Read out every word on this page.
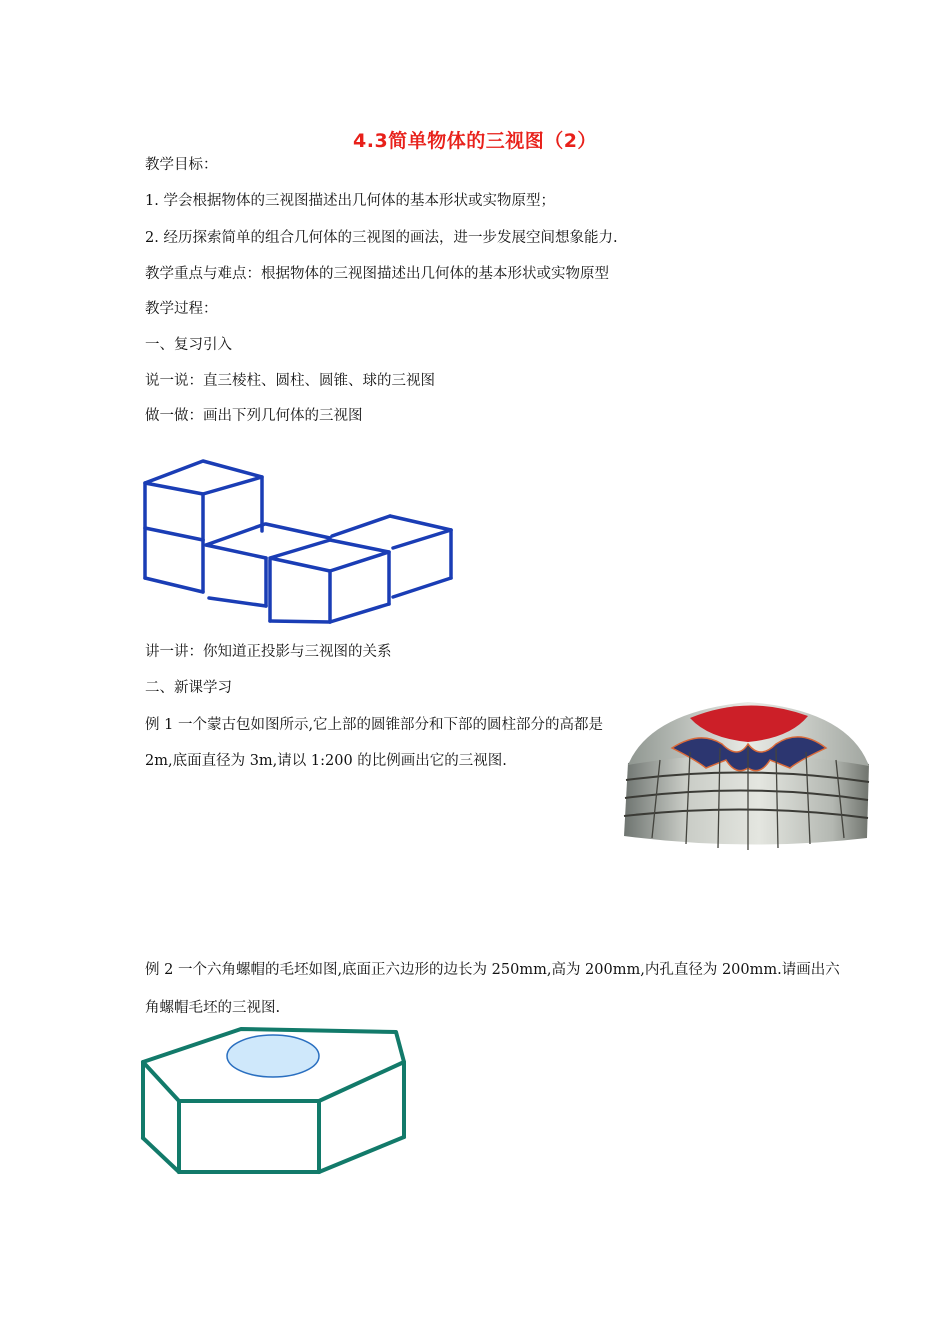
4.3简单物体的三视图（2）
教学目标：
1. 学会根据物体的三视图描述出几何体的基本形状或实物原型；
2. 经历探索简单的组合几何体的三视图的画法，进一步发展空间想象能力.
教学重点与难点：根据物体的三视图描述出几何体的基本形状或实物原型
教学过程：
一、复习引入
说一说：直三棱柱、圆柱、圆锥、球的三视图
做一做：画出下列几何体的三视图
讲一讲：你知道正投影与三视图的关系
二、新课学习
例 1 一个蒙古包如图所示,它上部的圆锥部分和下部的圆柱部分的高都是 2m,底面直径为 3m,请以 1:200 的比例画出它的三视图.
例 2 一个六角螺帽的毛坯如图,底面正六边形的边长为 250mm,高为 200mm,内孔直径为 200mm.请画出六角螺帽毛坯的三视图.
